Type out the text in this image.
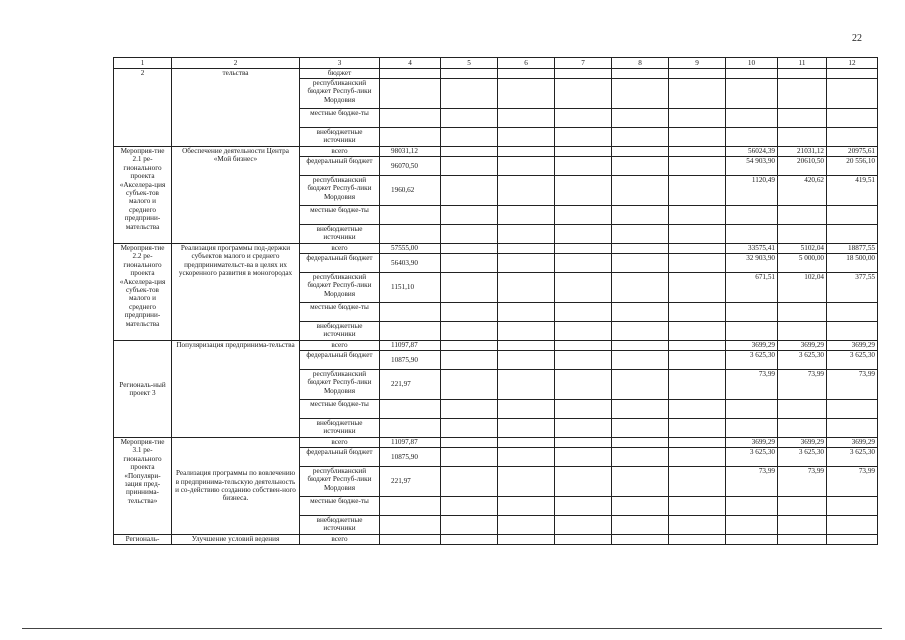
22
1	2	3	4	5	6	7	8	9	10	11	12
2	тельства	бюджет									
		республиканский бюджет Респуб-лики Мордовия									
		местные бюдже-ты									
		внебюджетные источники									
Мероприя-тие 2.1 ре-гионального проекта «Акселера-ция субъек-тов малого и среднего предприни-мательства	Обеспечение деятельности Центра «Мой бизнес»	всего	98031,12						56024,39	21031,12	20975,61
		федеральный бюджет	96070,50						54 903,90	20610,50	20 556,10
		республиканский бюджет Респуб-лики Мордовия	1960,62						1120,49	420,62	419,51
		местные бюдже-ты									
		внебюджетные источники									
Мероприя-тие 2.2 ре-гионального проекта «Акселера-ция субъек-тов малого и среднего предприни-мательства	Реализация программы под-держки субъектов малого и среднего предпринимательст-ва в целях их ускоренного развития в моногородах	всего	57555,00						33575,41	5102,04	18877,55
		федеральный бюджет	56403,90						32 903,90	5 000,00	18 500,00
		республиканский бюджет Респуб-лики Мордовия	1151,10						671,51	102,04	377,55
		местные бюдже-ты									
		внебюджетные источники									
Региональ-ный проект 3	Популяризация предпринима-тельства	всего	11097,87						3699,29	3699,29	3699,29
		федеральный бюджет	10875,90						3 625,30	3 625,30	3 625,30
		республиканский бюджет Респуб-лики Мордовия	221,97						73,99	73,99	73,99
		местные бюдже-ты									
		внебюджетные источники									
Мероприя-тие 3.1 ре-гионального проекта «Популяри-зация пред-приннима-тельства»	Реализация программы по вовлечению в предпринима-тельскую деятельность и со-действию созданию собствен-ного бизнеса.	всего	11097,87						3699,29	3699,29	3699,29
		федеральный бюджет	10875,90						3 625,30	3 625,30	3 625,30
		республиканский бюджет Респуб-лики Мордовия	221,97						73,99	73,99	73,99
		местные бюдже-ты									
		внебюджетные источники									
Региональ-	Улучшение условий ведения	всего									
